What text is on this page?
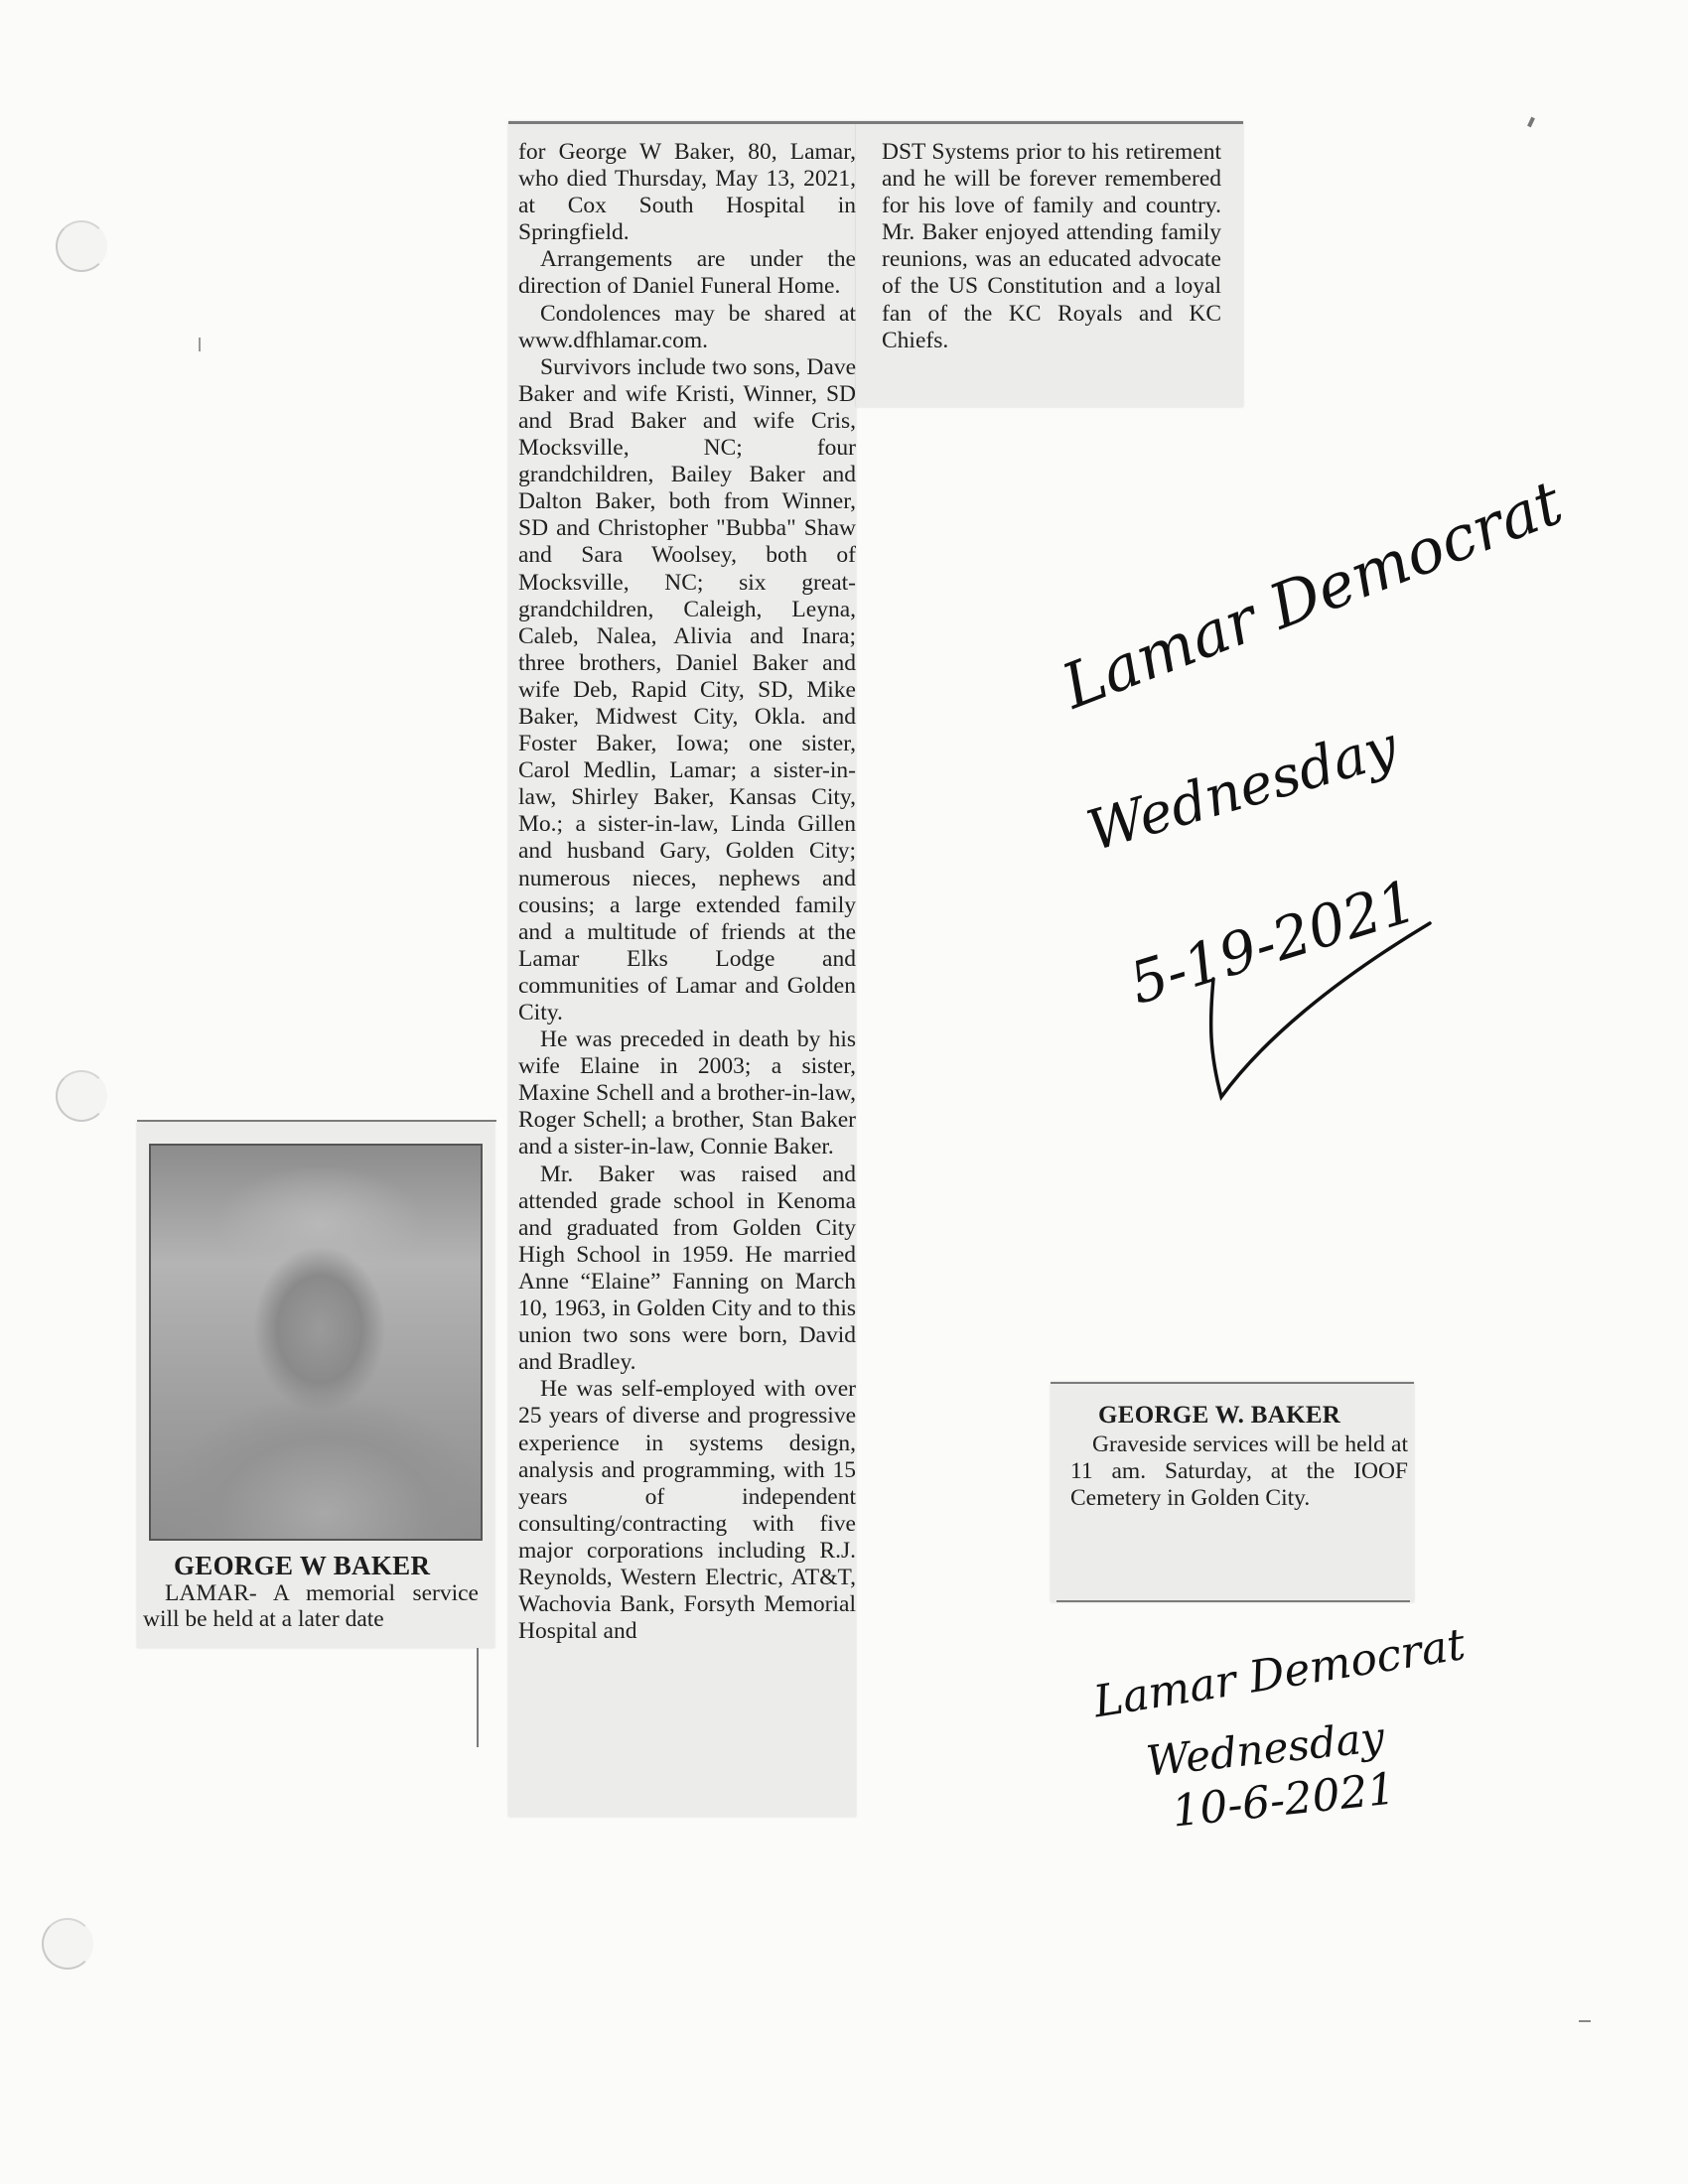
for George W Baker, 80, Lamar, who died Thursday, May 13, 2021, at Cox South Hospital in Springfield.

Arrangements are under the direction of Daniel Funeral Home.

Condolences may be shared at www.dfhlamar.com.

Survivors include two sons, Dave Baker and wife Kristi, Winner, SD and Brad Baker and wife Cris, Mocksville, NC; four grandchildren, Bailey Baker and Dalton Baker, both from Winner, SD and Christopher "Bubba" Shaw and Sara Woolsey, both of Mocksville, NC; six great-grandchildren, Caleigh, Leyna, Caleb, Nalea, Alivia and Inara; three brothers, Daniel Baker and wife Deb, Rapid City, SD, Mike Baker, Midwest City, Okla. and Foster Baker, Iowa; one sister, Carol Medlin, Lamar; a sister-in-law, Shirley Baker, Kansas City, Mo.; a sister-in-law, Linda Gillen and husband Gary, Golden City; numerous nieces, nephews and cousins; a large extended family and a multitude of friends at the Lamar Elks Lodge and communities of Lamar and Golden City.

He was preceded in death by his wife Elaine in 2003; a sister, Maxine Schell and a brother-in-law, Roger Schell; a brother, Stan Baker and a sister-in-law, Connie Baker.

Mr. Baker was raised and attended grade school in Kenoma and graduated from Golden City High School in 1959. He married Anne “Elaine” Fanning on March 10, 1963, in Golden City and to this union two sons were born, David and Bradley.

He was self-employed with over 25 years of diverse and progressive experience in systems design, analysis and programming, with 15 years of independent consulting/contracting with five major corporations including R.J. Reynolds, Western Electric, AT&T, Wachovia Bank, Forsyth Memorial Hospital and

DST Systems prior to his retirement and he will be forever remembered for his love of family and country. Mr. Baker enjoyed attending family reunions, was an educated advocate of the US Constitution and a loyal fan of the KC Royals and KC Chiefs.

GEORGE W BAKER
LAMAR- A memorial service will be held at a later date
GEORGE W. BAKER
Graveside services will be held at 11 am. Saturday, at the IOOF Cemetery in Golden City.
Lamar Democrat
Wednesday
5-19-2021
Lamar Democrat
Wednesday
10-6-2021
